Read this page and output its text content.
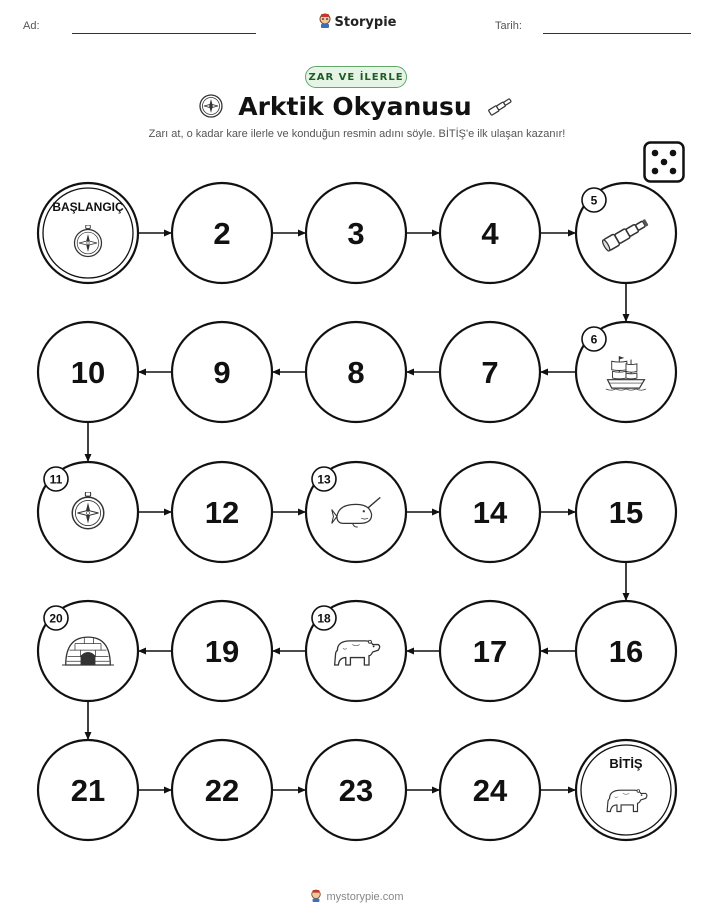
Ad:	Storypie	Tarih:
ZAR VE İLERLE
Arktik Okyanusu
Zarı at, o kadar kare ilerle ve konduğun resmin adını söyle. BİTİŞ'e ilk ulaşan kazanır!
BAŞLANGIÇ
2	3	4
5
6
7
8
9
10
11
12
13
14	15
16
17
18
19
20
21	22	23	24
BİTİŞ
mystorypie.com
